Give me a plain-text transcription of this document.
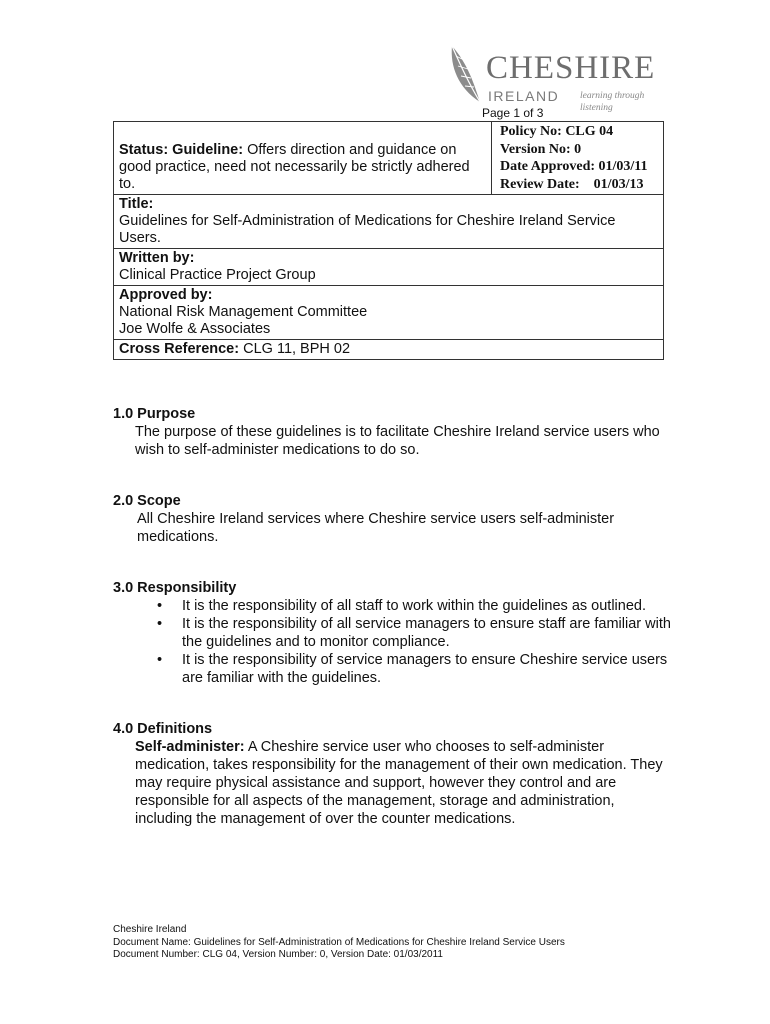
CHESHIRE
IRELAND learning through listening
Page 1 of 3
Status: Guideline: Offers direction and guidance on good practice, need not necessarily be strictly adhered to.	
Policy No: CLG 04
Version No: 0
Date Approved: 01/03/11
Review Date:    01/03/13

Title:
Guidelines for Self-Administration of Medications for Cheshire Ireland Service Users.

Written by:
Clinical Practice Project Group

Approved by:
National Risk Management Committee
Joe Wolfe & Associates

Cross Reference: CLG 11, BPH 02
1.0 Purpose
The purpose of these guidelines is to facilitate Cheshire Ireland service users who wish to self-administer medications to do so.
2.0 Scope
All Cheshire Ireland services where Cheshire service users self-administer medications.
3.0 Responsibility
• It is the responsibility of all staff to work within the guidelines as outlined.
• It is the responsibility of all service managers to ensure staff are familiar with the guidelines and to monitor compliance.
• It is the responsibility of service managers to ensure Cheshire service users are familiar with the guidelines.
4.0 Definitions
Self-administer: A Cheshire service user who chooses to self-administer medication, takes responsibility for the management of their own medication. They may require physical assistance and support, however they control and are responsible for all aspects of the management, storage and administration, including the management of over the counter medications.
Cheshire Ireland
Document Name: Guidelines for Self-Administration of Medications for Cheshire Ireland Service Users
Document Number: CLG 04, Version Number: 0, Version Date: 01/03/2011
